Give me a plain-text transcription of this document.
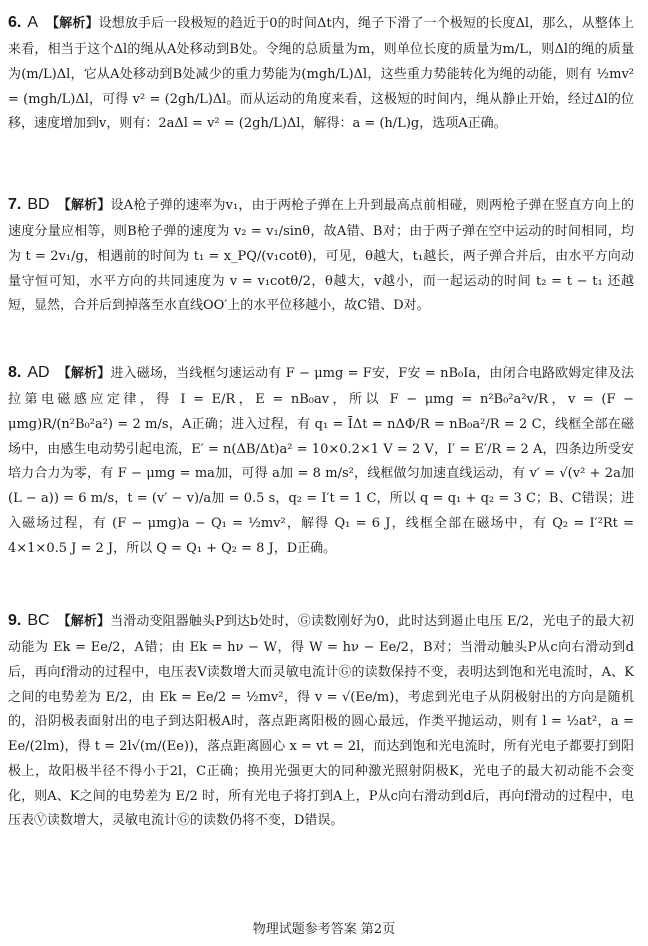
6. A 【解析】设想放手后一段极短的趋近于0的时间Δt内，绳子下滑了一个极短的长度Δl，那么，从整体上来看，相当于这个Δl的绳从A处移动到B处。令绳的总质量为m，则单位长度的质量为m/L，则Δl的绳的质量为(m/L)Δl，它从A处移动到B处减少的重力势能为(mgh/L)Δl，这些重力势能转化为绳的动能，则有 ½mv² = (mgh/L)Δl，可得 v² = (2gh/L)Δl。而从运动的角度来看，这极短的时间内，绳从静止开始，经过Δl的位移，速度增加到v，则有：2aΔl = v² = (2gh/L)Δl，解得：a = (h/L)g，选项A正确。

7. BD 【解析】设A枪子弹的速率为v₁，由于两枪子弹在上升到最高点前相碰，则两枪子弹在竖直方向上的速度分量应相等，则B枪子弹的速度为 v₂ = v₁/sinθ，故A错、B对；由于两子弹在空中运动的时间相同，均为 t = 2v₁/g，相遇前的时间为 t₁ = x_PQ/(v₁cotθ)，可见，θ越大，t₁越长，两子弹合并后，由水平方向动量守恒可知，水平方向的共同速度为 v = v₁cotθ/2，θ越大，v越小，而一起运动的时间 t₂ = t − t₁ 还越短，显然，合并后到掉落至水直线OO′上的水平位移越小，故C错、D对。

8. AD 【解析】进入磁场，当线框匀速运动有 F − μmg = F安，F安 = nB₀Ia，由闭合电路欧姆定律及法拉第电磁感应定律，得 I = E/R，E = nB₀av，所以 F − μmg = n²B₀²a²v/R，v = (F − μmg)R/(n²B₀²a²) = 2 m/s，A正确；进入过程，有 q₁ = ĪΔt = nΔΦ/R = nB₀a²/R = 2 C，线框全部在磁场中，由感生电动势引起电流，E′ = n(ΔB/Δt)a² = 10×0.2×1 V = 2 V，I′ = E′/R = 2 A，四条边所受安培力合力为零，有 F − μmg = ma加，可得 a加 = 8 m/s²，线框做匀加速直线运动，有 v′ = √(v² + 2a加(L − a)) = 6 m/s，t = (v′ − v)/a加 = 0.5 s，q₂ = I′t = 1 C，所以 q = q₁ + q₂ = 3 C；B、C错误；进入磁场过程，有 (F − μmg)a − Q₁ = ½mv²，解得 Q₁ = 6 J，线框全部在磁场中，有 Q₂ = I′²Rt = 4×1×0.5 J = 2 J，所以 Q = Q₁ + Q₂ = 8 J，D正确。

9. BC 【解析】当滑动变阻器触头P到达b处时，Ⓖ读数刚好为0，此时达到遏止电压 E/2，光电子的最大初动能为 Ek = Ee/2，A错；由 Ek = hν − W，得 W = hν − Ee/2，B对；当滑动触头P从c向右滑动到d后，再向f滑动的过程中，电压表V读数增大而灵敏电流计Ⓖ的读数保持不变，表明达到饱和光电流时，A、K之间的电势差为 E/2，由 Ek = Ee/2 = ½mv²，得 v = √(Ee/m)，考虑到光电子从阴极射出的方向是随机的，沿阴极表面射出的电子到达阳极A时，落点距离阳极的圆心最远，作类平抛运动，则有 l = ½at²，a = Ee/(2lm)，得 t = 2l√(m/(Ee))，落点距离圆心 x = vt = 2l，而达到饱和光电流时，所有光电子都要打到阳极上，故阳极半径不得小于2l，C正确；换用光强更大的同种激光照射阴极K，光电子的最大初动能不会变化，则A、K之间的电势差为 E/2 时，所有光电子将打到A上，P从c向右滑动到d后，再向f滑动的过程中，电压表Ⓥ读数增大，灵敏电流计Ⓖ的读数仍将不变，D错误。

物理试题参考答案 第2页
